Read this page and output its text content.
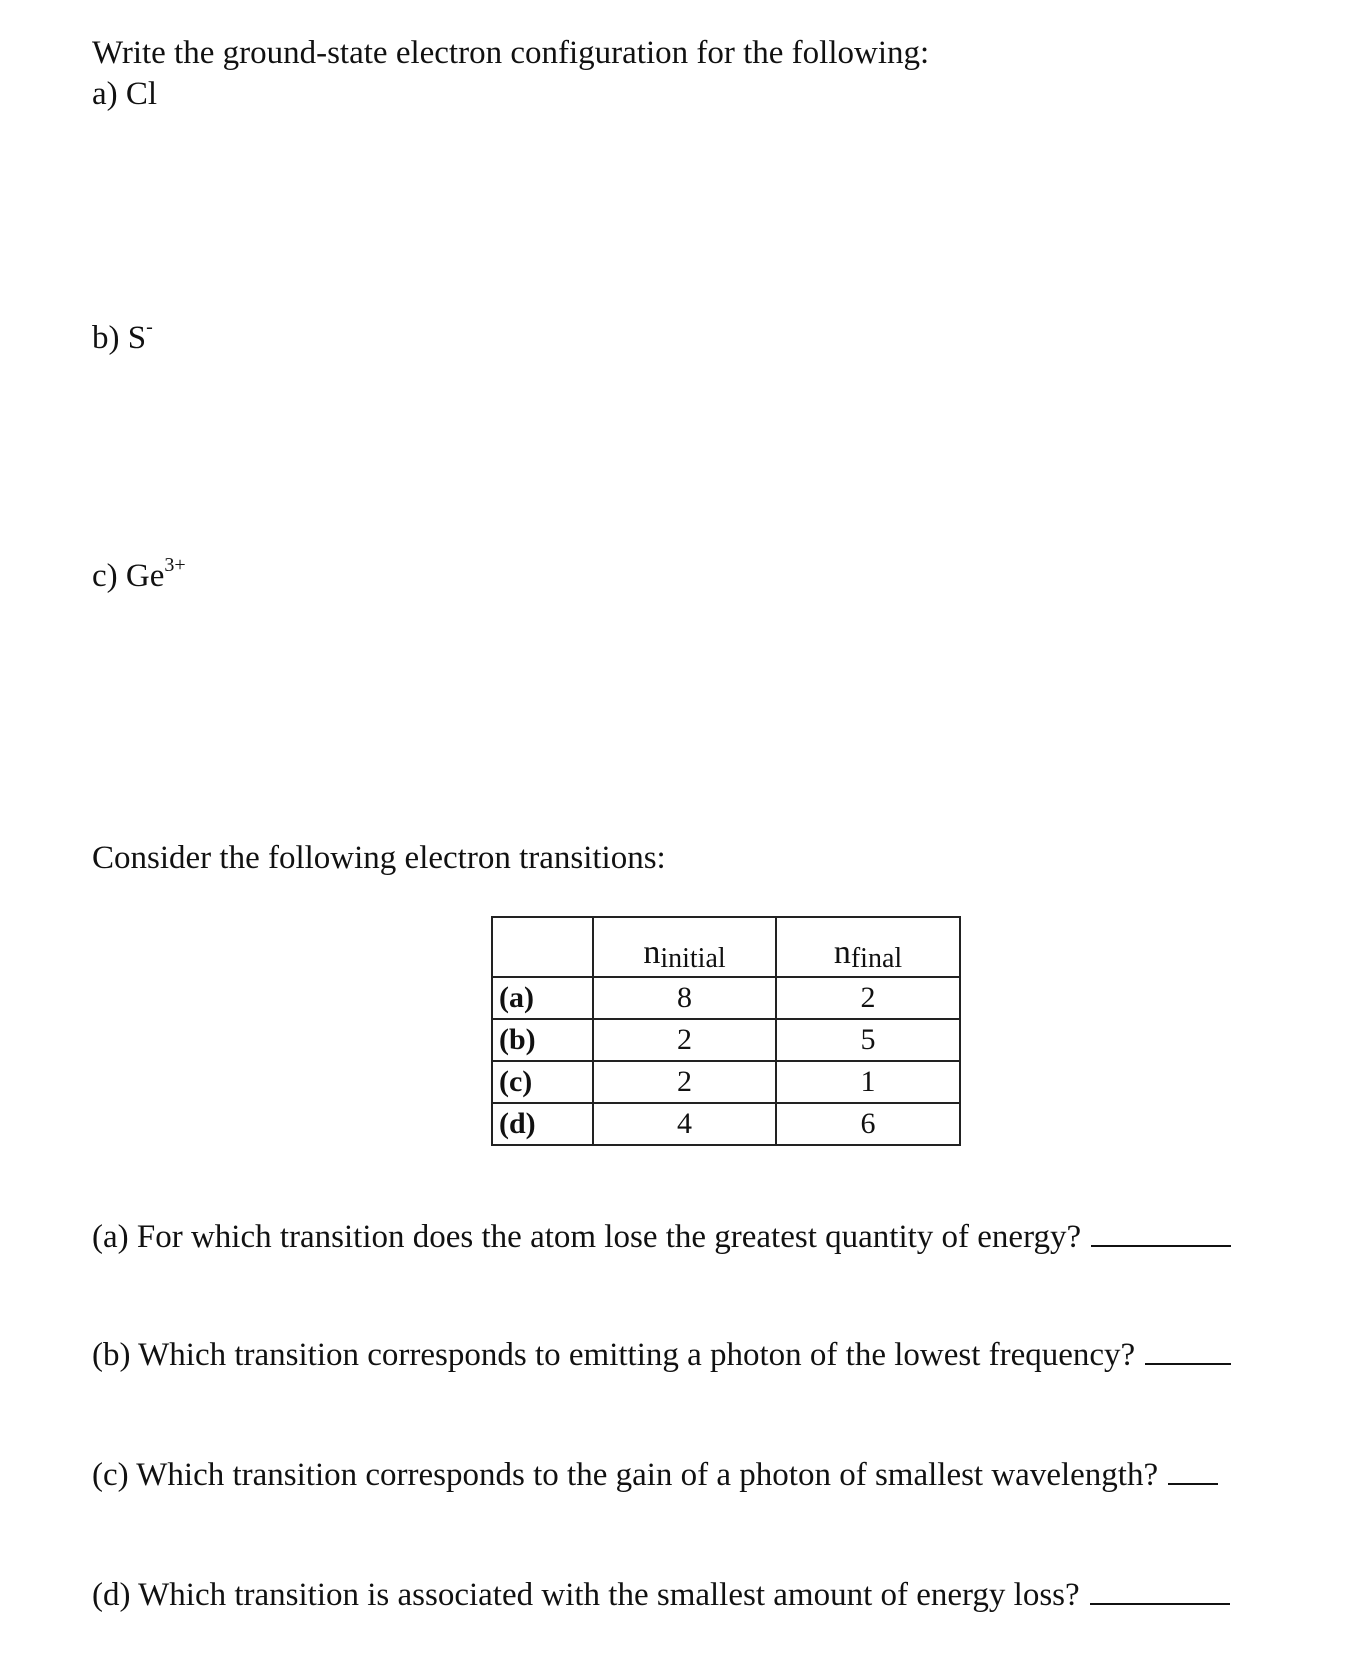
Write the ground-state electron configuration for the following:
a) Cl
b) S-
c) $Ge^{3+}$
Consider the following electron transitions:
	ninitial	nfinal
(a)	8	2
(b)	2	5
(c)	2	1
(d)	4	6
(a) For which transition does the atom lose the greatest quantity of energy?
(b) Which transition corresponds to emitting a photon of the lowest frequency?
(c) Which transition corresponds to the gain of a photon of smallest wavelength?
(d) Which transition is associated with the smallest amount of energy loss?
